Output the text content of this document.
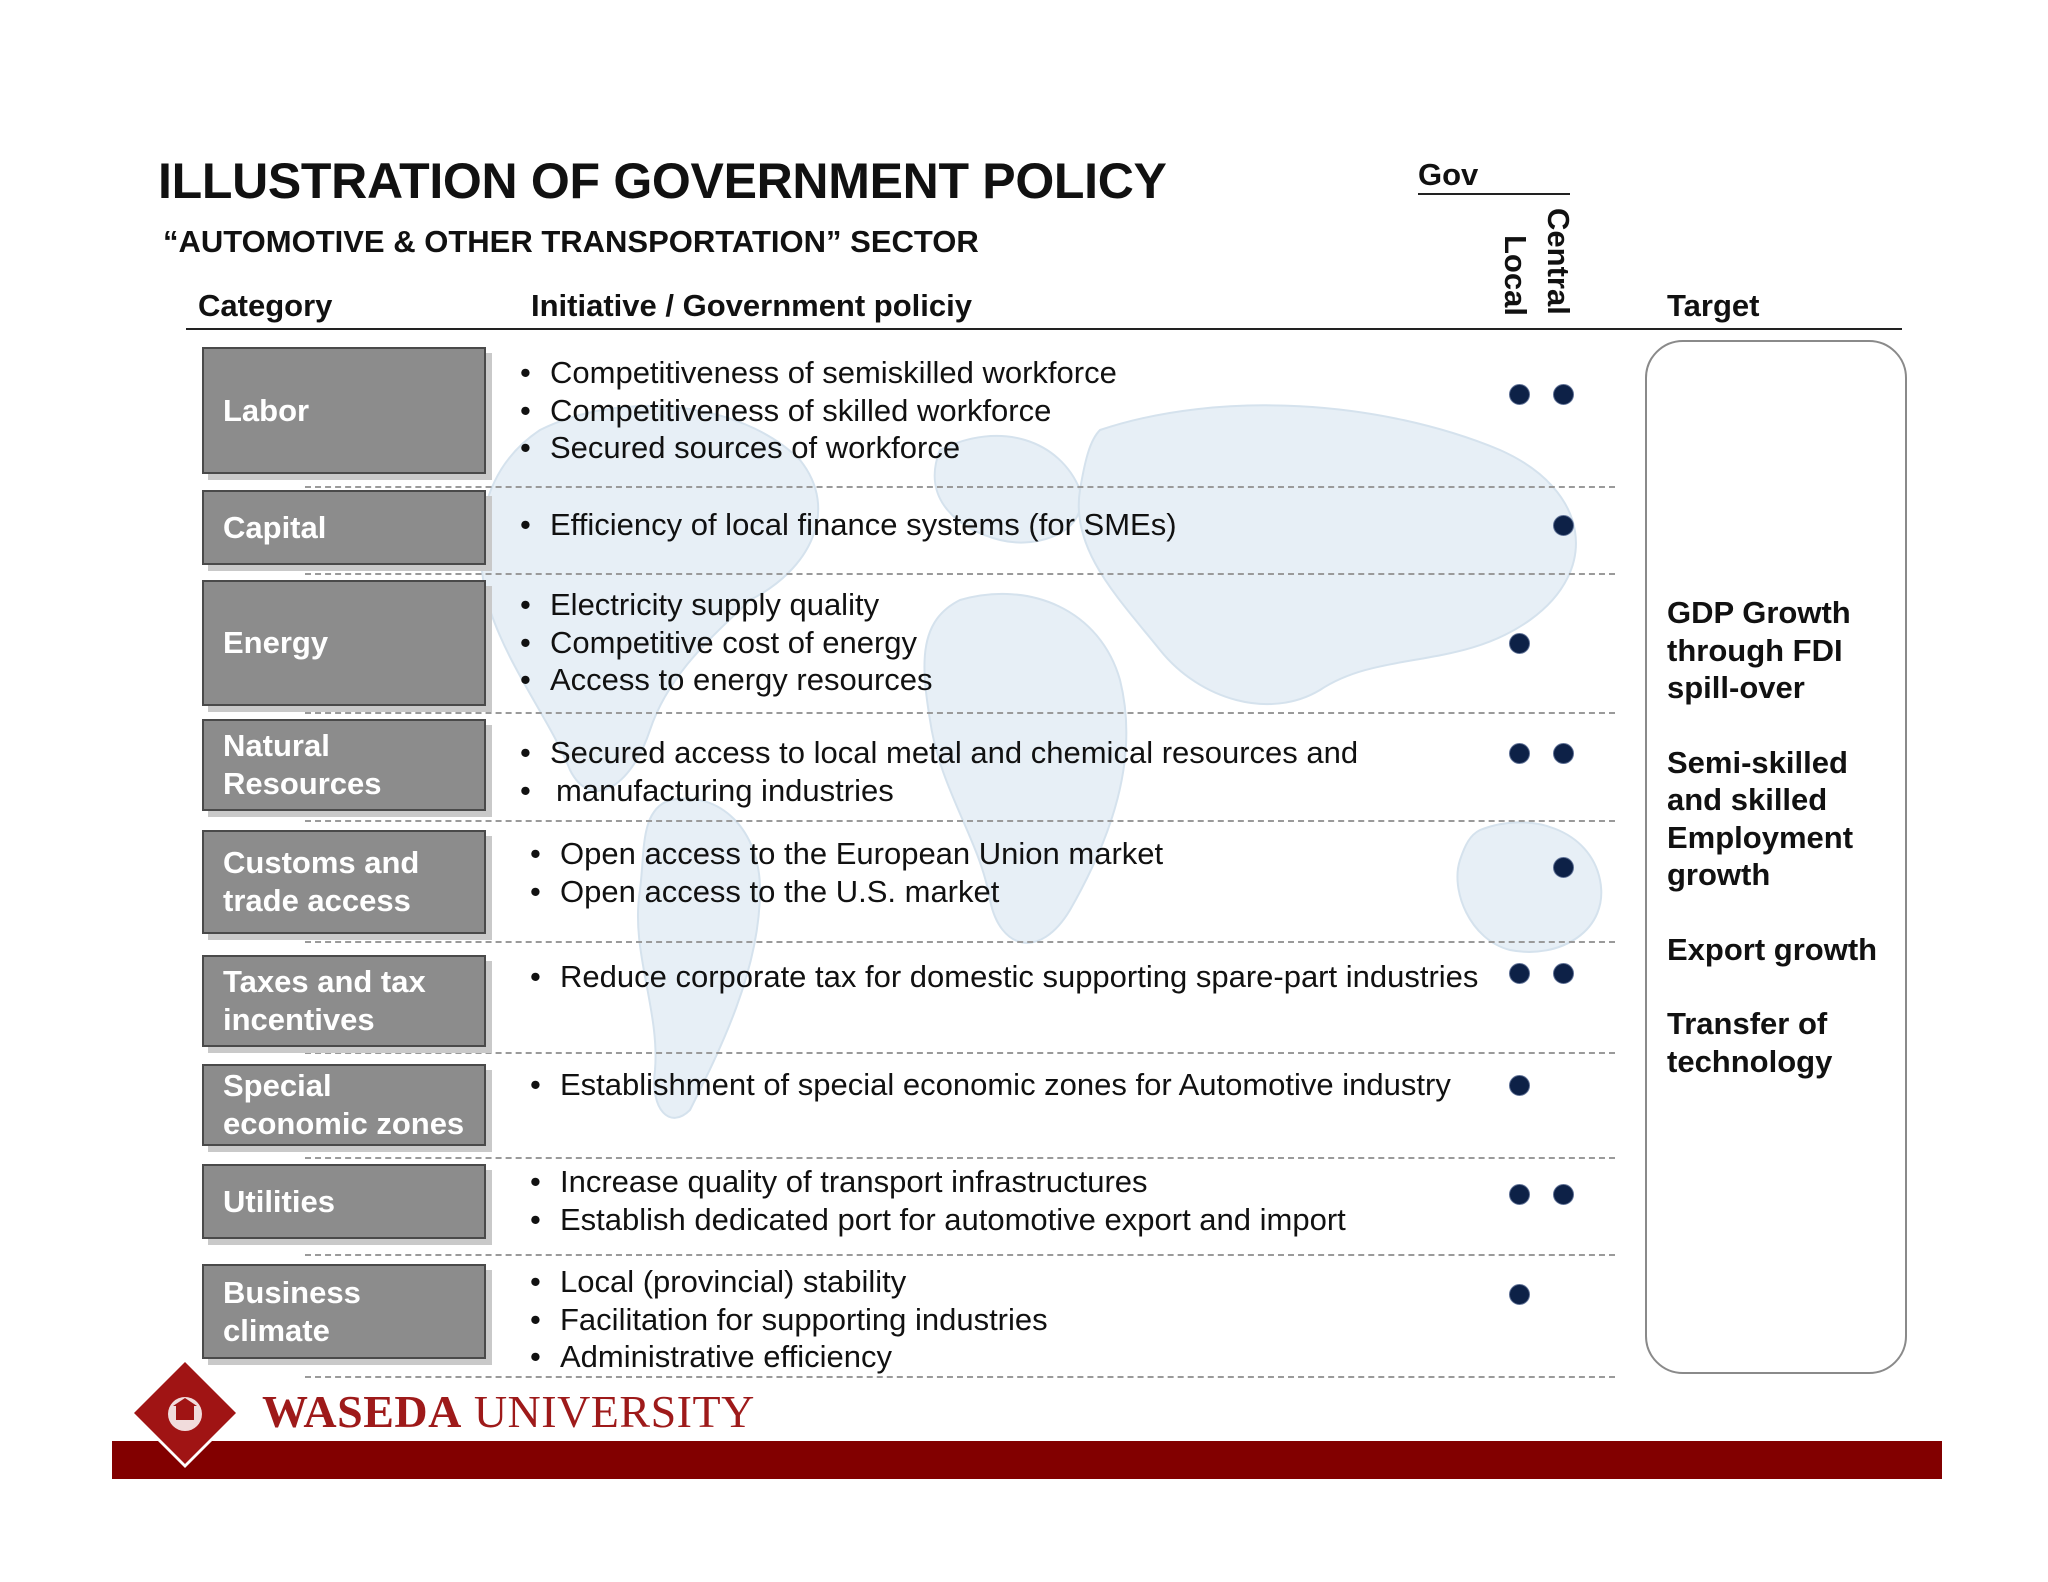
ILLUSTRATION OF GOVERNMENT POLICY
“AUTOMOTIVE & OTHER TRANSPORTATION” SECTOR
Gov
Central
Local
Category	Initiative / Government policiy	Target
Labor
• Competitiveness of semiskilled workforce
• Competitiveness of skilled workforce
• Secured sources of workforce
Capital
•	Efficiency of local finance systems (for SMEs)
Energy
• Electricity supply quality
• Competitive cost of energy
• Access to energy resources
Natural
Resources
• Secured access to local metal and chemical resources and
• manufacturing industries
Customs and
trade access
• Open access to the European Union market
• Open access to the U.S. market
Taxes and tax
incentives
• Reduce corporate tax for domestic supporting spare-part industries
Special
economic zones
• Establishment of special economic zones for Automotive industry
Utilities
• Increase quality of transport infrastructures
• Establish dedicated port for automotive export and import
Business
climate
• Local (provincial) stability
• Facilitation for supporting industries
• Administrative efficiency
GDP Growth
through FDI
spill-over
Semi-skilled
and skilled
Employment
growth
Export growth
Transfer of
technology
WASEDA UNIVERSITY
